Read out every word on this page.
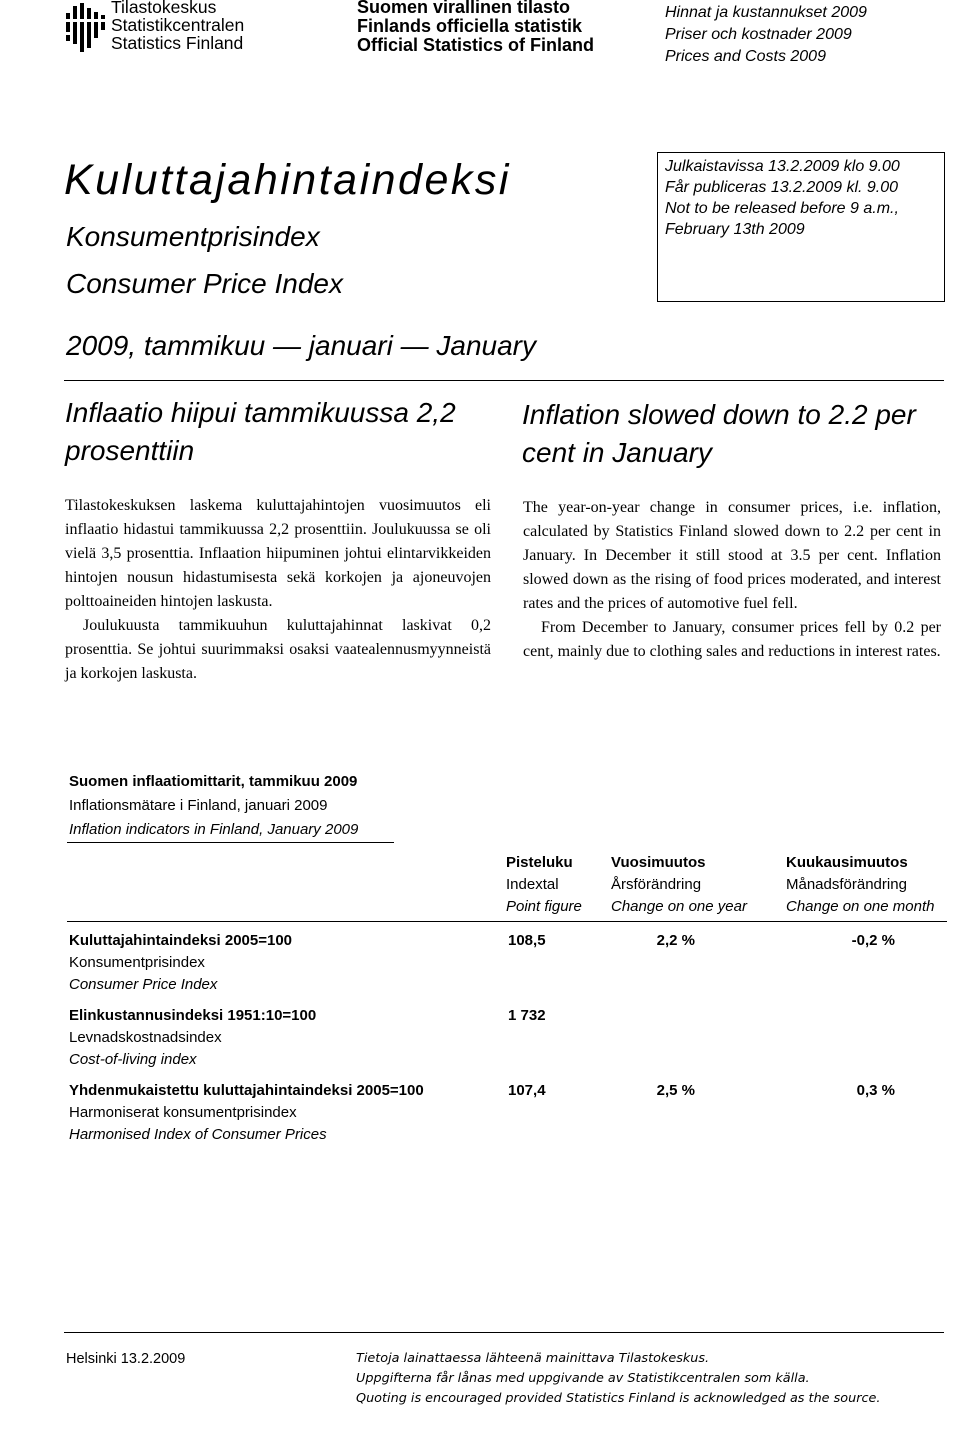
Tilastokeskus
Statistikcentralen
Statistics Finland
Suomen virallinen tilasto
Finlands officiella statistik
Official Statistics of Finland
Hinnat ja kustannukset 2009
Priser och kostnader 2009
Prices and Costs 2009
Kuluttajahintaindeksi
Konsumentprisindex
Consumer Price Index
Julkaistavissa 13.2.2009 klo 9.00
Får publiceras 13.2.2009 kl. 9.00
Not to be released before 9 a.m.,
February 13th 2009
2009, tammikuu — januari — January
Inflaatio hiipui tammikuussa 2,2 prosenttiin

Tilastokeskuksen laskema kuluttajahintojen vuosimuutos eli inflaatio hidastui tammikuussa 2,2 prosenttiin. Joulukuussa se oli vielä 3,5 prosenttia. Inflaation hiipuminen johtui elintarvikkeiden hintojen nousun hidastumisesta sekä korkojen ja ajoneuvojen polttoaineiden hintojen laskusta.

Joulukuusta tammikuuhun kuluttajahinnat laskivat 0,2 prosenttia. Se johtui suurimmaksi osaksi vaatealennusmyynneistä ja korkojen laskusta.

Inflation slowed down to 2.2 per cent in January

The year-on-year change in consumer prices, i.e. inflation, calculated by Statistics Finland slowed down to 2.2 per cent in January. In December it still stood at 3.5 per cent. Inflation slowed down as the rising of food prices moderated, and interest rates and the prices of automotive fuel fell.

From December to January, consumer prices fell by 0.2 per cent, mainly due to clothing sales and reductions in interest rates.

Suomen inflaatiomittarit, tammikuu 2009
Inflationsmätare i Finland, januari 2009
Inflation indicators in Finland, January 2009
Pisteluku
Indextal
Point figure
Vuosimuutos
Årsförändring
Change on one year
Kuukausimuutos
Månadsförändring
Change on one month
Kuluttajahintaindeksi 2005=100
Konsumentprisindex
Consumer Price Index
108,5	2,2 %	-0,2 %
Elinkustannusindeksi 1951:10=100
Levnadskostnadsindex
Cost-of-living index
1 732
Yhdenmukaistettu kuluttajahintaindeksi 2005=100
Harmoniserat konsumentprisindex
Harmonised Index of Consumer Prices
107,4	2,5 %	0,3 %
Helsinki 13.2.2009	Tietoja lainattaessa lähteenä mainittava Tilastokeskus.
Uppgifterna får lånas med uppgivande av Statistikcentralen som källa.
Quoting is encouraged provided Statistics Finland is acknowledged as the source.
